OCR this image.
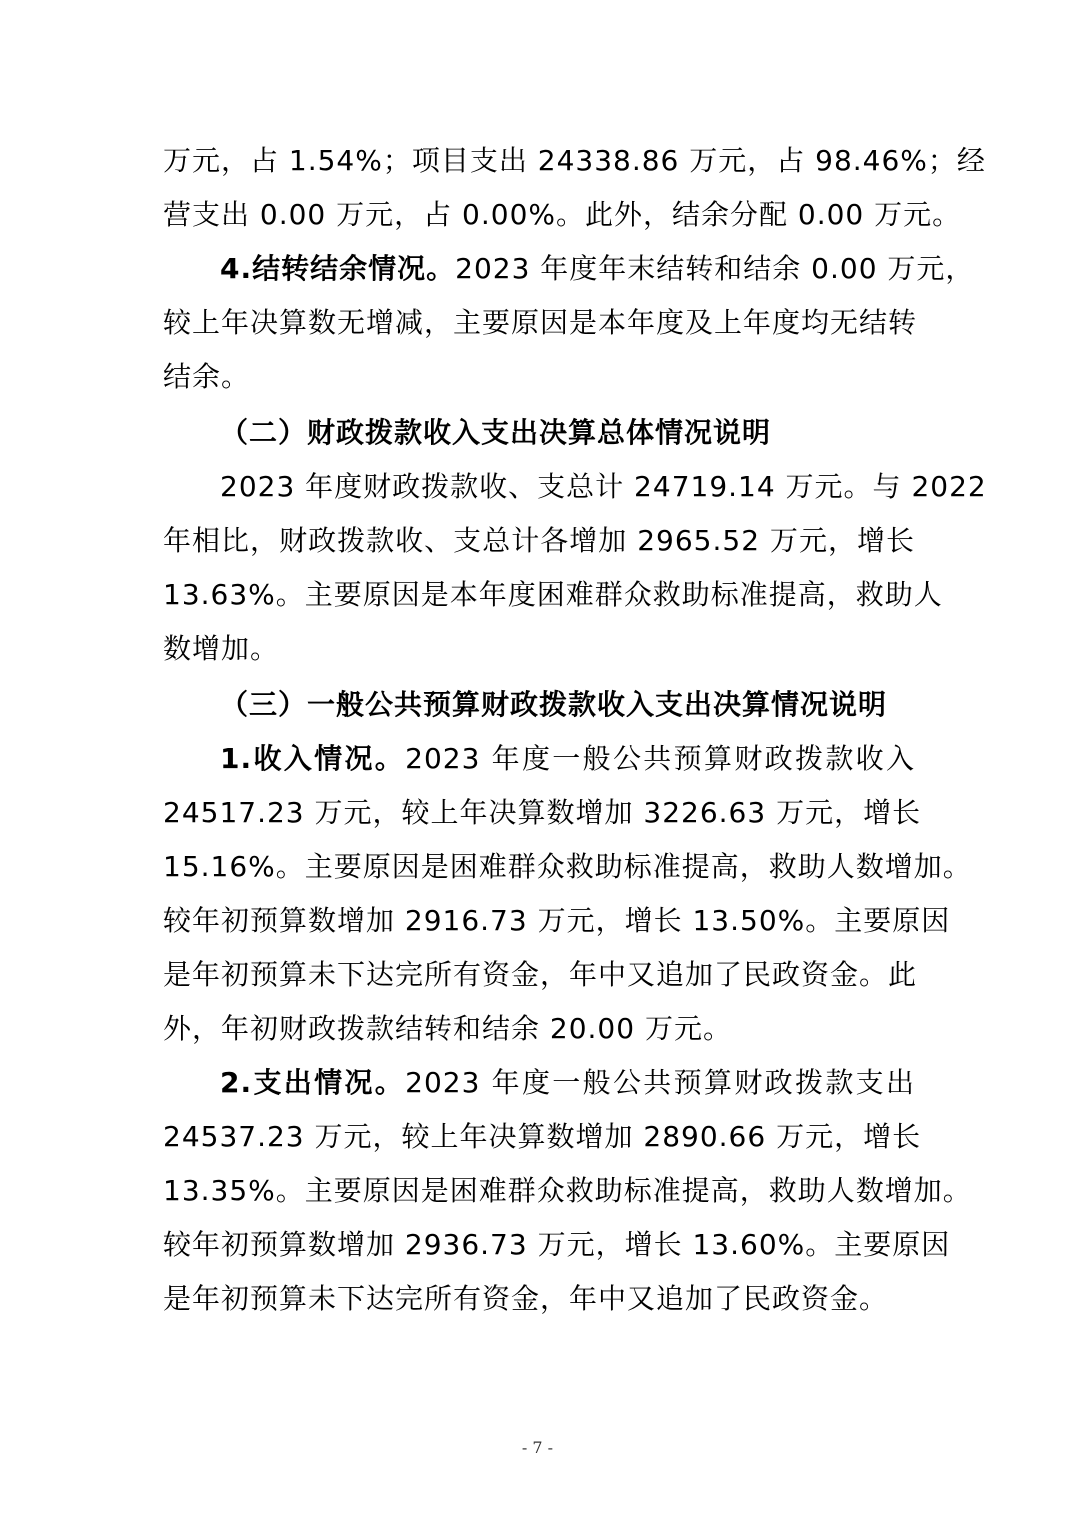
万元，占 1.54%；项目支出 24338.86 万元，占 98.46%；经
营支出 0.00 万元，占 0.00%。此外，结余分配 0.00 万元。
4.结转结余情况。2023 年度年末结转和结余 0.00 万元，
较上年决算数无增减，主要原因是本年度及上年度均无结转
结余。
（二）财政拨款收入支出决算总体情况说明
2023 年度财政拨款收、支总计 24719.14 万元。与 2022
年相比，财政拨款收、支总计各增加 2965.52 万元，增长
13.63%。主要原因是本年度困难群众救助标准提高，救助人
数增加。
（三）一般公共预算财政拨款收入支出决算情况说明
1.收入情况。2023 年度一般公共预算财政拨款收入
24517.23 万元，较上年决算数增加 3226.63 万元，增长
15.16%。主要原因是困难群众救助标准提高，救助人数增加。
较年初预算数增加 2916.73 万元，增长 13.50%。主要原因
是年初预算未下达完所有资金，年中又追加了民政资金。此
外，年初财政拨款结转和结余 20.00 万元。
2.支出情况。2023 年度一般公共预算财政拨款支出
24537.23 万元，较上年决算数增加 2890.66 万元，增长
13.35%。主要原因是困难群众救助标准提高，救助人数增加。
较年初预算数增加 2936.73 万元，增长 13.60%。主要原因
是年初预算未下达完所有资金，年中又追加了民政资金。
- 7 -
